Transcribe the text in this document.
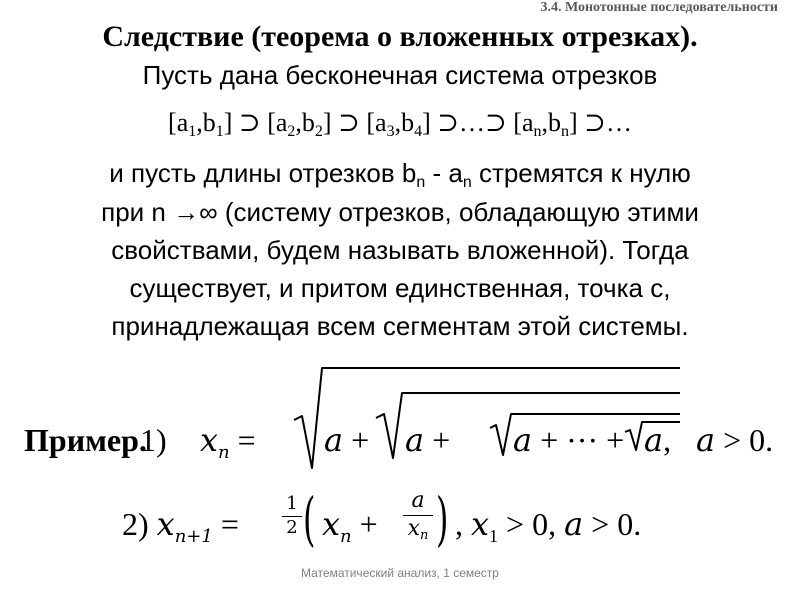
3.4. Монотонные последовательности
Следствие (теорема о вложенных отрезках).
Пусть дана бесконечная система отрезков
$[a_1,b_1]$ ⊃ $[a_2,b_2]$ ⊃ $[a_3,b_4]$ ⊃…⊃ $[a_n,b_n]$ ⊃…
и пусть длины отрезков $b_n - a_n$ стремятся к нулю
при n →∞ (систему отрезков, обладающую этими
свойствами, будем называть вложенной). Тогда
существует, и притом единственная, точка c,
принадлежащая всем сегментам этой системы.
Пример.
1) $x_n = a + a + a$ + ··· + a, a > 0.
2) $x_{n+1}$ =
1
2 ( $x_n$ +
a
$x_n$ ) , $x_1 > 0$, a > 0.
Математический анализ, 1 семестр
